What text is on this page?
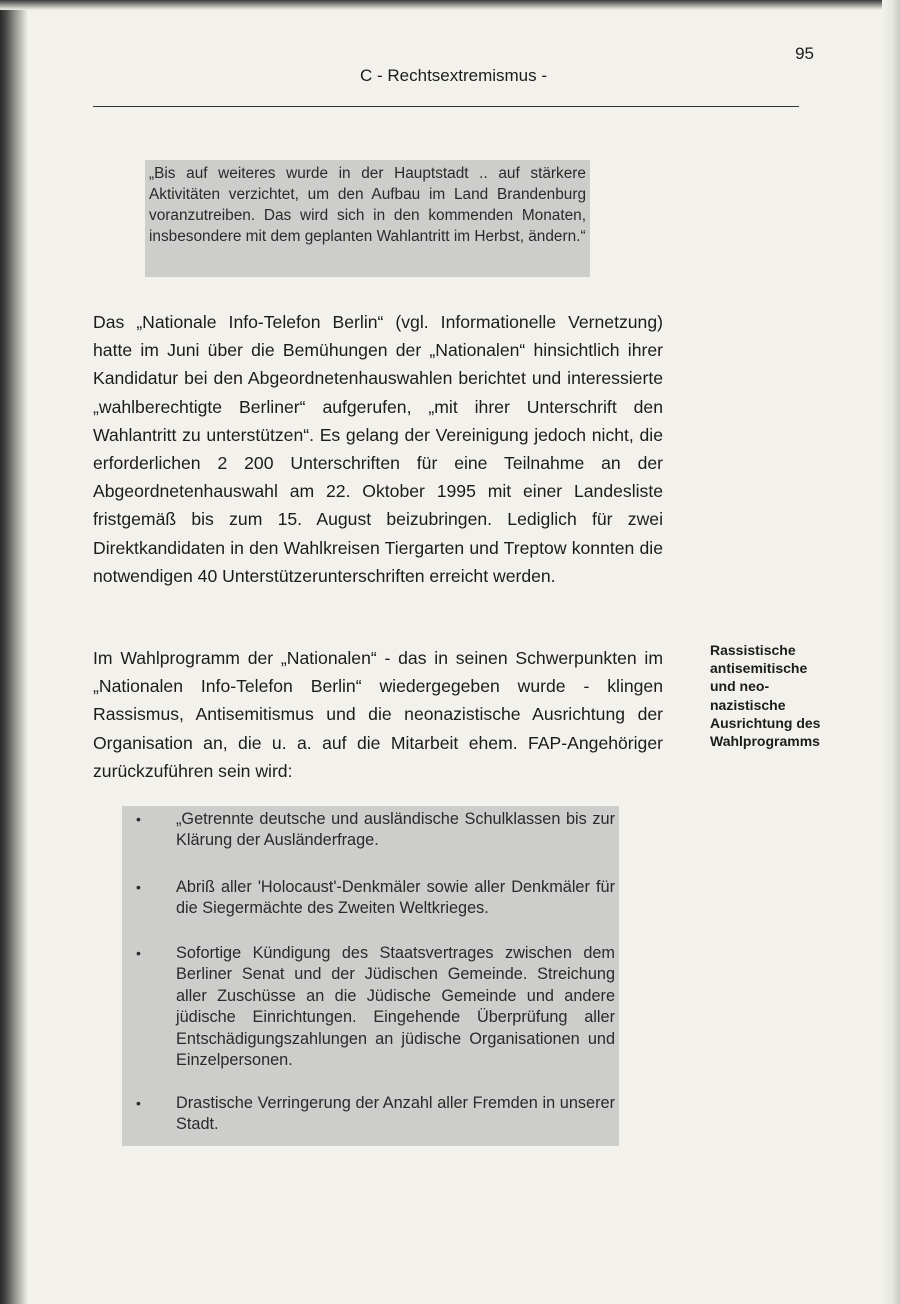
95
C - Rechtsextremismus -

„Bis auf weiteres wurde in der Hauptstadt .. auf stärkere Aktivitäten verzichtet, um den Aufbau im Land Brandenburg voranzutreiben. Das wird sich in den kommenden Monaten, insbesondere mit dem geplanten Wahlantritt im Herbst, ändern.“

Das „Nationale Info-Telefon Berlin“ (vgl. Informationelle Vernetzung) hatte im Juni über die Bemühungen der „Nationalen“ hinsichtlich ihrer Kandidatur bei den Abgeordnetenhauswahlen berichtet und interessierte „wahlberechtigte Berliner“ aufgerufen, „mit ihrer Unterschrift den Wahlantritt zu unterstützen“. Es gelang der Vereinigung jedoch nicht, die erforderlichen 2 200 Unterschriften für eine Teilnahme an der Abgeordnetenhauswahl am 22. Oktober 1995 mit einer Landesliste fristgemäß bis zum 15. August beizubringen. Lediglich für zwei Direktkandidaten in den Wahlkreisen Tiergarten und Treptow konnten die notwendigen 40 Unterstützerunterschriften erreicht werden.

Im Wahlprogramm der „Nationalen“ - das in seinen Schwerpunkten im „Nationalen Info-Telefon Berlin“ wiedergegeben wurde - klingen Rassismus, Antisemitismus und die neonazistische Ausrichtung der Organisation an, die u. a. auf die Mitarbeit ehem. FAP-Angehöriger zurückzuführen sein wird:

Rassistische antisemitische und neonazistische Ausrichtung des Wahlprogramms

• „Getrennte deutsche und ausländische Schulklassen bis zur Klärung der Ausländerfrage.
• Abriß aller 'Holocaust'-Denkmäler sowie aller Denkmäler für die Siegermächte des Zweiten Weltkrieges.
• Sofortige Kündigung des Staatsvertrages zwischen dem Berliner Senat und der Jüdischen Gemeinde. Streichung aller Zuschüsse an die Jüdische Gemeinde und andere jüdische Einrichtungen. Eingehende Überprüfung aller Entschädigungszahlungen an jüdische Organisationen und Einzelpersonen.
• Drastische Verringerung der Anzahl aller Fremden in unserer Stadt.
